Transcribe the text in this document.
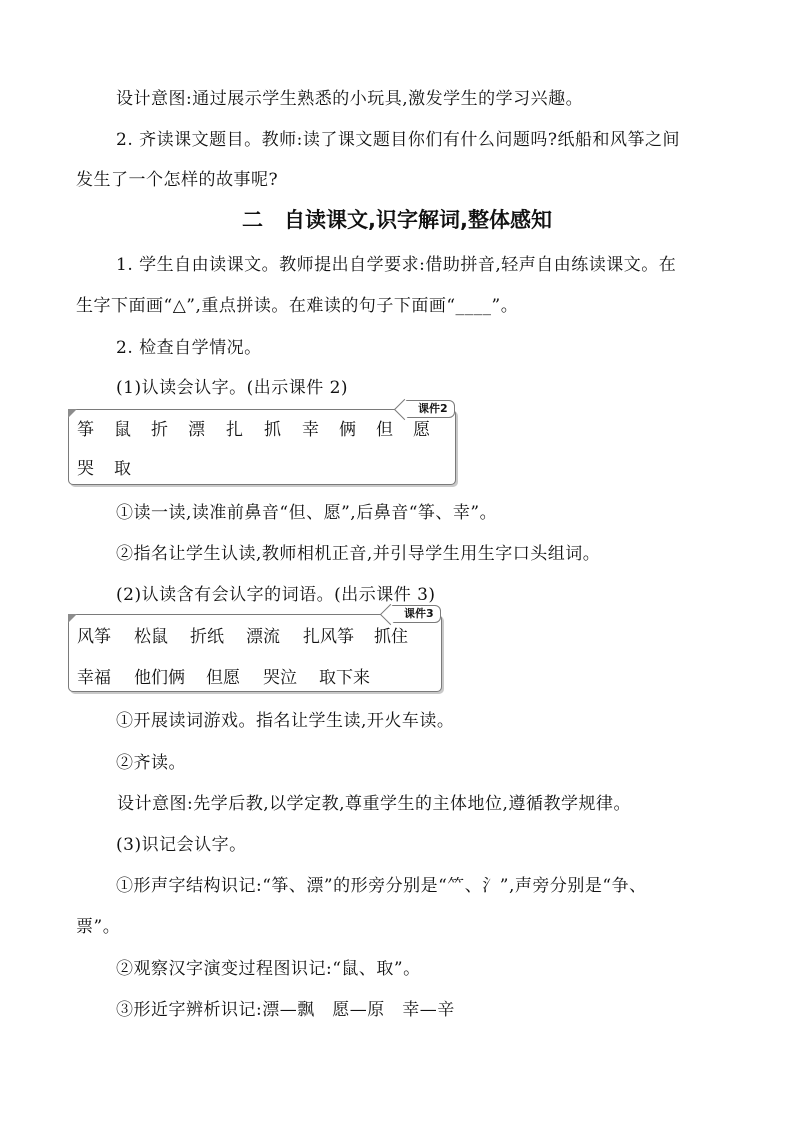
设计意图:通过展示学生熟悉的小玩具,激发学生的学习兴趣。
2. 齐读课文题目。教师:读了课文题目你们有什么问题吗?纸船和风筝之间
发生了一个怎样的故事呢?
二　自读课文,识字解词,整体感知
1. 学生自由读课文。教师提出自学要求:借助拼音,轻声自由练读课文。在
生字下面画“△”,重点拼读。在难读的句子下面画“____”。
2. 检查自学情况。
(1)认读会认字。(出示课件 2)
课件2
筝 鼠 折 漂 扎 抓 幸 俩 但 愿
哭 取
①读一读,读准前鼻音“但、愿”,后鼻音“筝、幸”。
②指名让学生认读,教师相机正音,并引导学生用生字口头组词。
(2)认读含有会认字的词语。(出示课件 3)
课件3
风筝 松鼠 折纸 漂流 扎风筝 抓住
幸福 他们俩 但愿 哭泣 取下来
①开展读词游戏。指名让学生读,开火车读。
②齐读。
设计意图:先学后教,以学定教,尊重学生的主体地位,遵循教学规律。
(3)识记会认字。
①形声字结构识记:“筝、漂”的形旁分别是“⺮、氵”,声旁分别是“争、
票”。
②观察汉字演变过程图识记:“鼠、取”。
③形近字辨析识记:漂—飘　愿—原　幸—辛
